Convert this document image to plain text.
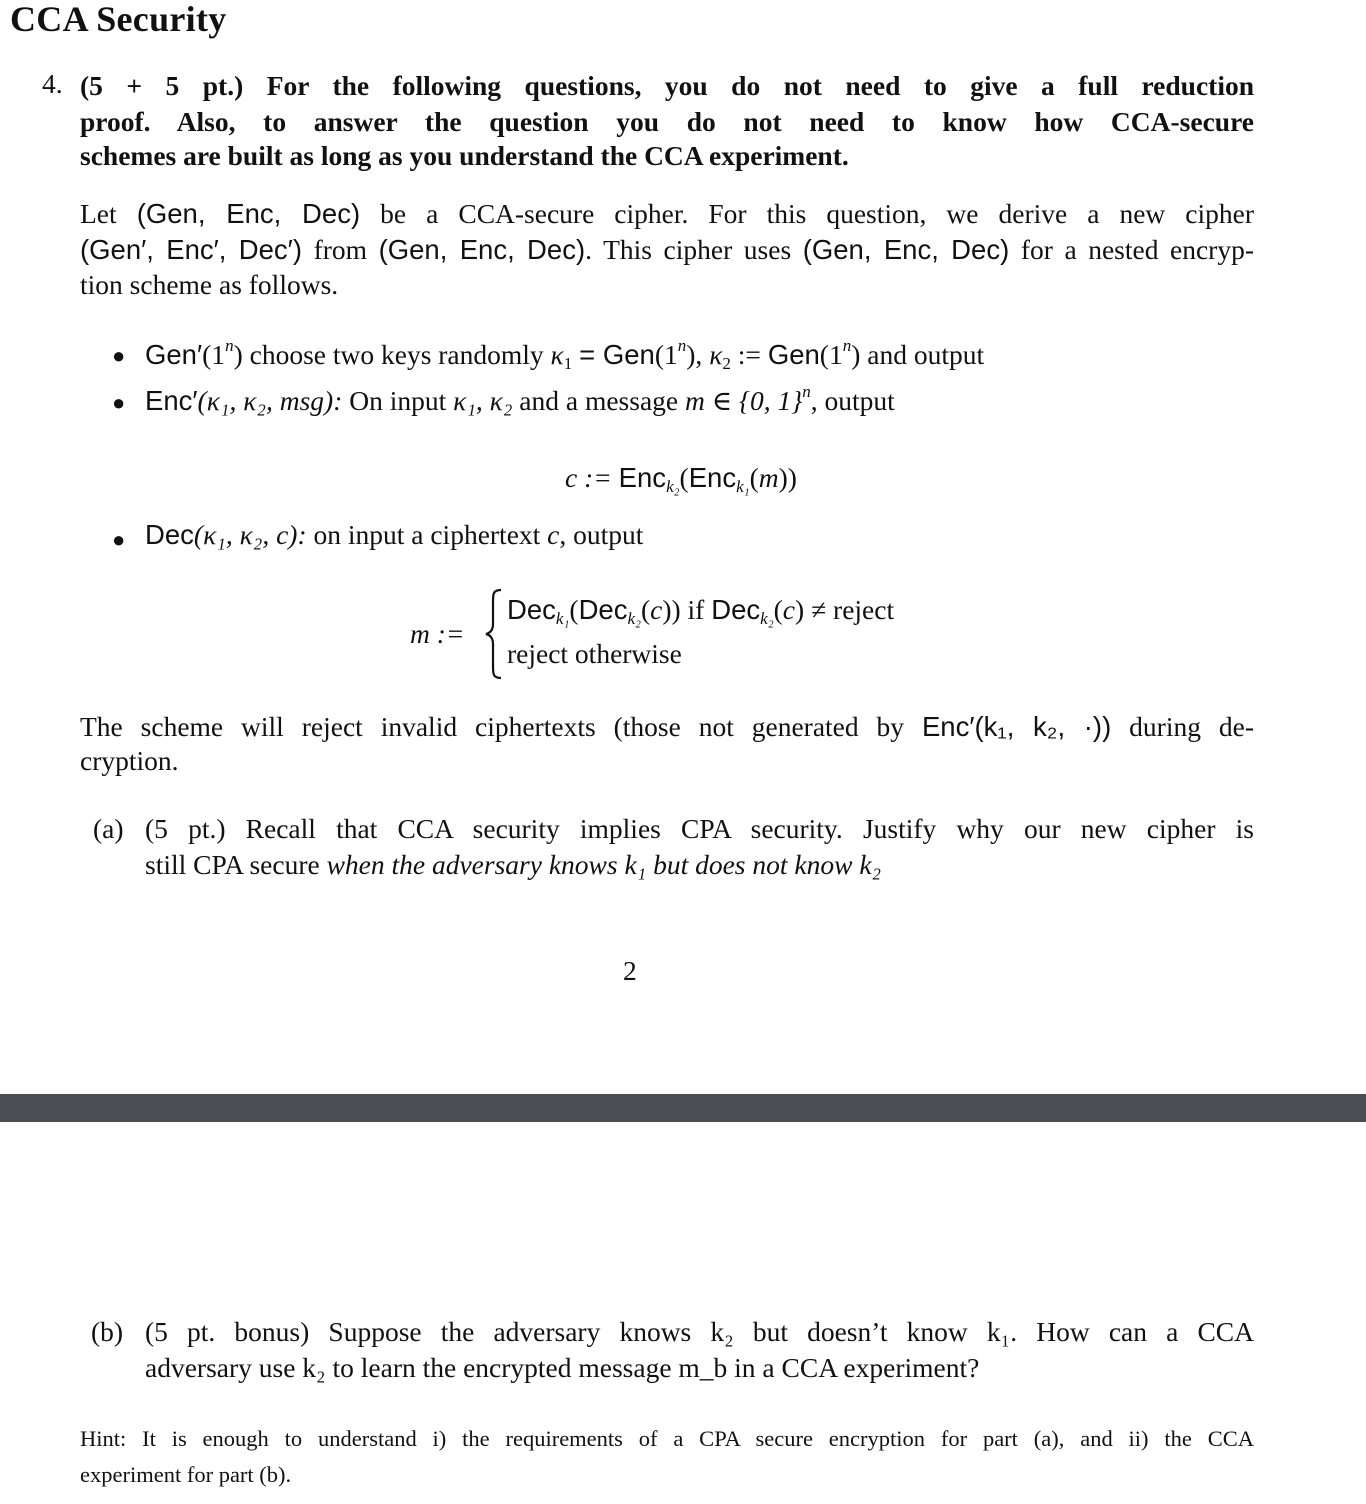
CCA Security
4. (5 + 5 pt.) For the following questions, you do not need to give a full reduction
proof. Also, to answer the question you do not need to know how CCA-secure
schemes are built as long as you understand the CCA experiment.
Let (Gen, Enc, Dec) be a CCA-secure cipher. For this question, we derive a new cipher
(Gen′, Enc′, Dec′) from (Gen, Enc, Dec). This cipher uses (Gen, Enc, Dec) for a nested encryp-
tion scheme as follows.
● Gen′(1$^n$) choose two keys randomly $\kappa_1 = Gen(1^n)$, $\kappa_2$ := $Gen(1^n)$ and output
● Enc′(κ₁, κ₂, msg): On input κ₁, κ₂ and a message m ∈ {0, 1}$^n$, output
c := Enc$_{k_2}$(Enc$_{k_1}$(m))
● Dec(κ₁, κ₂, c): on input a ciphertext c, output
m :=
Dec$_{k_1}$(Dec$_{k_2}$(c)) if Dec$_{k_2}$(c) ≠ reject
reject otherwise
The scheme will reject invalid ciphertexts (those not generated by Enc′(k₁, k₂, ·)) during de-
cryption.
(a) (5 pt.) Recall that CCA security implies CPA security. Justify why our new cipher is
still CPA secure when the adversary knows k₁ but does not know k₂
2
(b) (5 pt. bonus) Suppose the adversary knows k₂ but doesn’t know k₁. How can a CCA
adversary use k₂ to learn the encrypted message m_b in a CCA experiment?
Hint: It is enough to understand i) the requirements of a CPA secure encryption for part (a), and ii) the CCA
experiment for part (b).
